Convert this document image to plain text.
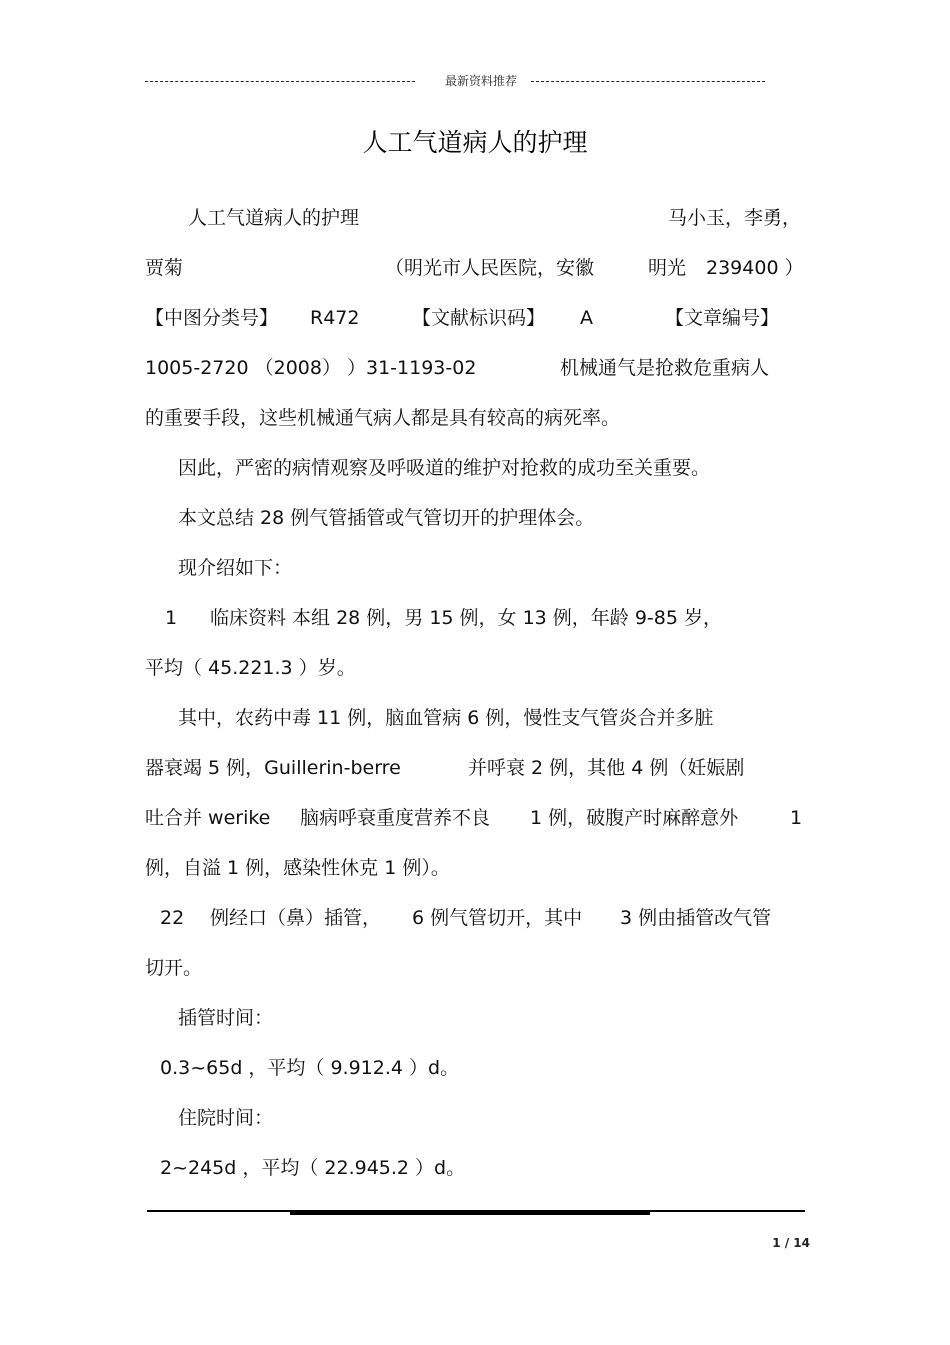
最新资料推荐
人工气道病人的护理
人工气道病人的护理	马小玉，李勇，
贾菊	（明光市人民医院，安徽	明光 239400 ）
【中图分类号】 R472	【文献标识码】 A	【文章编号】
1005-2720 （2008） ）31-1193-02	机械通气是抢救危重病人
的重要手段，这些机械通气病人都是具有较高的病死率。
因此，严密的病情观察及呼吸道的维护对抢救的成功至关重要。
本文总结 28 例气管插管或气管切开的护理体会。
现介绍如下：
1 临床资料 本组 28 例，男 15 例，女 13 例，年龄 9-85 岁，
平均（ 45.221.3 ）岁。
其中，农药中毒 11 例，脑血管病 6 例，慢性支气管炎合并多脏
器衰竭 5 例，Guillerin-berre	并呼衰 2 例，其他 4 例（妊娠剧
吐合并 werike 脑病呼衰重度营养不良 1 例，破腹产时麻醉意外	1
例，自溢 1 例，感染性休克 1 例）。
22 例经口（鼻）插管， 6 例气管切开，其中 3 例由插管改气管
切开。
插管时间：
0.3~65d ，平均（ 9.912.4 ）d。
住院时间：
2~245d ，平均（ 22.945.2 ）d。
1 / 14
